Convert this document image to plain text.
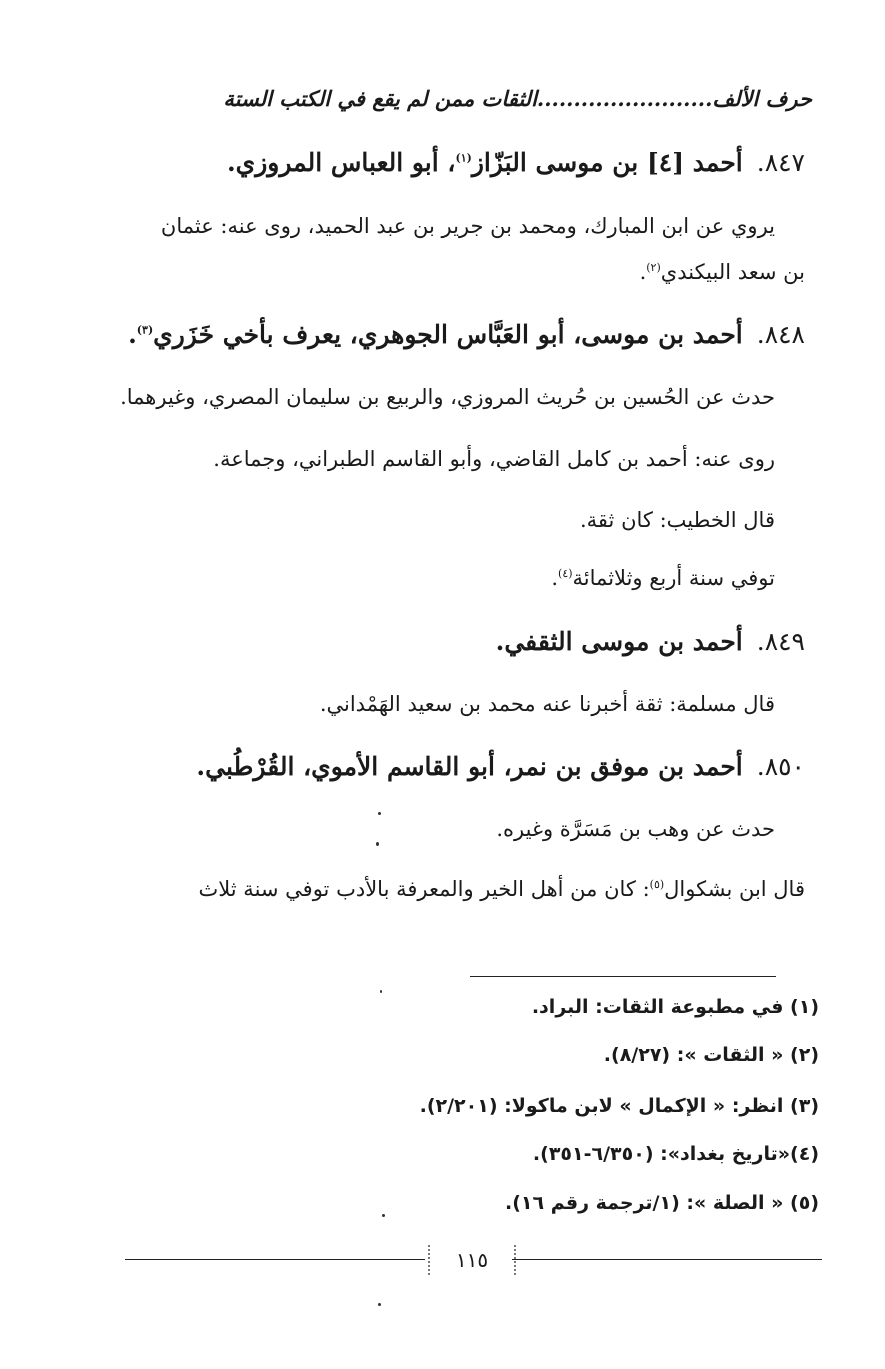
حرف الألف........................الثقات ممن لم يقع في الكتب الستة
٨٤٧.أحمد [٤] بن موسى البَزّاز$^{(١)}$، أبو العباس المروزي.
يروي عن ابن المبارك، ومحمد بن جرير بن عبد الحميد، روى عنه: عثمان
بن سعد البيكندي$^{(٢)}$.
٨٤٨.أحمد بن موسى، أبو العَبَّاس الجوهري، يعرف بأخي خَزَري$^{(٣)}$.
حدث عن الحُسين بن حُريث المروزي، والربيع بن سليمان المصري، وغيرهما.
روى عنه: أحمد بن كامل القاضي، وأبو القاسم الطبراني، وجماعة.
قال الخطيب: كان ثقة.
توفي سنة أربع وثلاثمائة$^{(٤)}$.
٨٤٩.أحمد بن موسى الثقفي.
قال مسلمة: ثقة أخبرنا عنه محمد بن سعيد الهَمْداني.
٨٥٠.أحمد بن موفق بن نمر، أبو القاسم الأموي، القُرْطُبي.
حدث عن وهب بن مَسَرَّة وغيره.
قال ابن بشكوال$^{(٥)}$: كان من أهل الخير والمعرفة بالأدب توفي سنة ثلاث
(١) في مطبوعة الثقات: البراد.
(٢) « الثقات »: (٨/٢٧).
(٣) انظر: « الإكمال » لابن ماكولا: (٢/٢٠١).
(٤)«تاريخ بغداد»: (٦/٣٥٠-٣٥١).
(٥) « الصلة »: (١/ترجمة رقم ١٦).
١١٥
